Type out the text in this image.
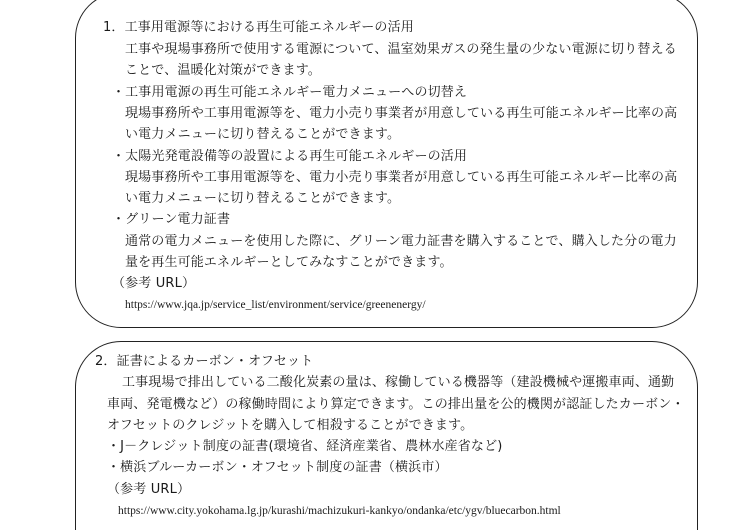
1．工事用電源等における再生可能エネルギーの活用
工事や現場事務所で使用する電源について、温室効果ガスの発生量の少ない電源に切り替える
ことで、温暖化対策ができます。
・工事用電源の再生可能エネルギー電力メニューへの切替え
現場事務所や工事用電源等を、電力小売り事業者が用意している再生可能エネルギー比率の高
い電力メニューに切り替えることができます。
・太陽光発電設備等の設置による再生可能エネルギーの活用
現場事務所や工事用電源等を、電力小売り事業者が用意している再生可能エネルギー比率の高
い電力メニューに切り替えることができます。
・グリーン電力証書
通常の電力メニューを使用した際に、グリーン電力証書を購入することで、購入した分の電力
量を再生可能エネルギーとしてみなすことができます。
（参考 URL）
https://www.jqa.jp/service_list/environment/service/greenenergy/
2．証書によるカーボン・オフセット
工事現場で排出している二酸化炭素の量は、稼働している機器等（建設機械や運搬車両、通勤
車両、発電機など）の稼働時間により算定できます。この排出量を公的機関が認証したカーボン・
オフセットのクレジットを購入して相殺することができます。
・J－クレジット制度の証書(環境省、経済産業省、農林水産省など)
・横浜ブルーカーボン・オフセット制度の証書（横浜市）
（参考 URL）
https://www.city.yokohama.lg.jp/kurashi/machizukuri-kankyo/ondanka/etc/ygv/bluecarbon.html
